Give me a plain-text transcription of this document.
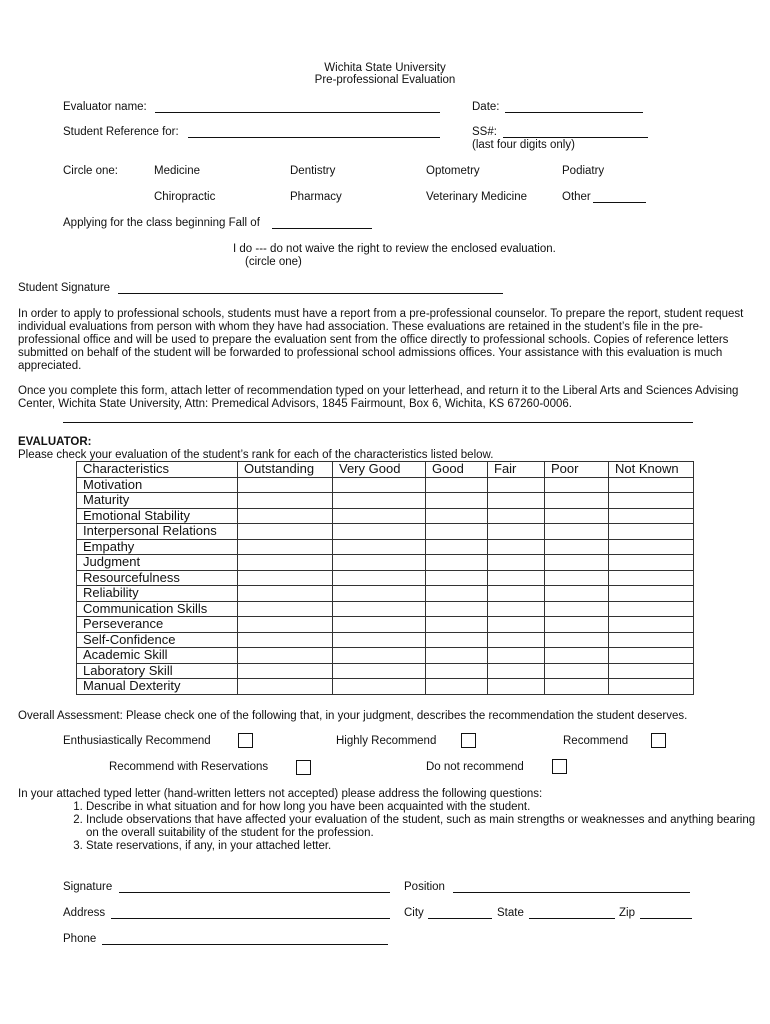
Wichita State University
Pre-professional Evaluation
Evaluator name:	Date:
Student Reference for:	SS#:
(last four digits only)
Circle one:	Medicine	Dentistry	Optometry	Podiatry
Chiropractic	Pharmacy	Veterinary Medicine	Other
Applying for the class beginning Fall of
I do --- do not waive the right to review the enclosed evaluation.
(circle one)
Student Signature

In order to apply to professional schools, students must have a report from a pre-professional counselor. To prepare the report, student request individual evaluations from person with whom they have had association. These evaluations are retained in the student’s file in the pre-professional office and will be used to prepare the evaluation sent from the office directly to professional schools. Copies of reference letters submitted on behalf of the student will be forwarded to professional school admissions offices. Your assistance with this evaluation is much appreciated.

Once you complete this form, attach letter of recommendation typed on your letterhead, and return it to the Liberal Arts and Sciences Advising Center, Wichita State University, Attn: Premedical Advisors, 1845 Fairmount, Box 6, Wichita, KS 67260-0006.

EVALUATOR:
Please check your evaluation of the student’s rank for each of the characteristics listed below.
Characteristics	Outstanding	Very Good	Good	Fair	Poor	Not Known
Motivation						
Maturity						
Emotional Stability						
Interpersonal Relations						
Empathy						
Judgment						
Resourcefulness						
Reliability						
Communication Skills						
Perseverance						
Self-Confidence						
Academic Skill						
Laboratory Skill						
Manual Dexterity						
Overall Assessment: Please check one of the following that, in your judgment, describes the recommendation the student deserves.
Enthusiastically Recommend	Highly Recommend	Recommend
Recommend with Reservations	Do not recommend
In your attached typed letter (hand-written letters not accepted) please address the following questions:
1. Describe in what situation and for how long you have been acquainted with the student.
2. Include observations that have affected your evaluation of the student, such as main strengths or weaknesses and anything bearing on the overall suitability of the student for the profession.
3. State reservations, if any, in your attached letter.
Signature	Position
Address	City	State	Zip
Phone
